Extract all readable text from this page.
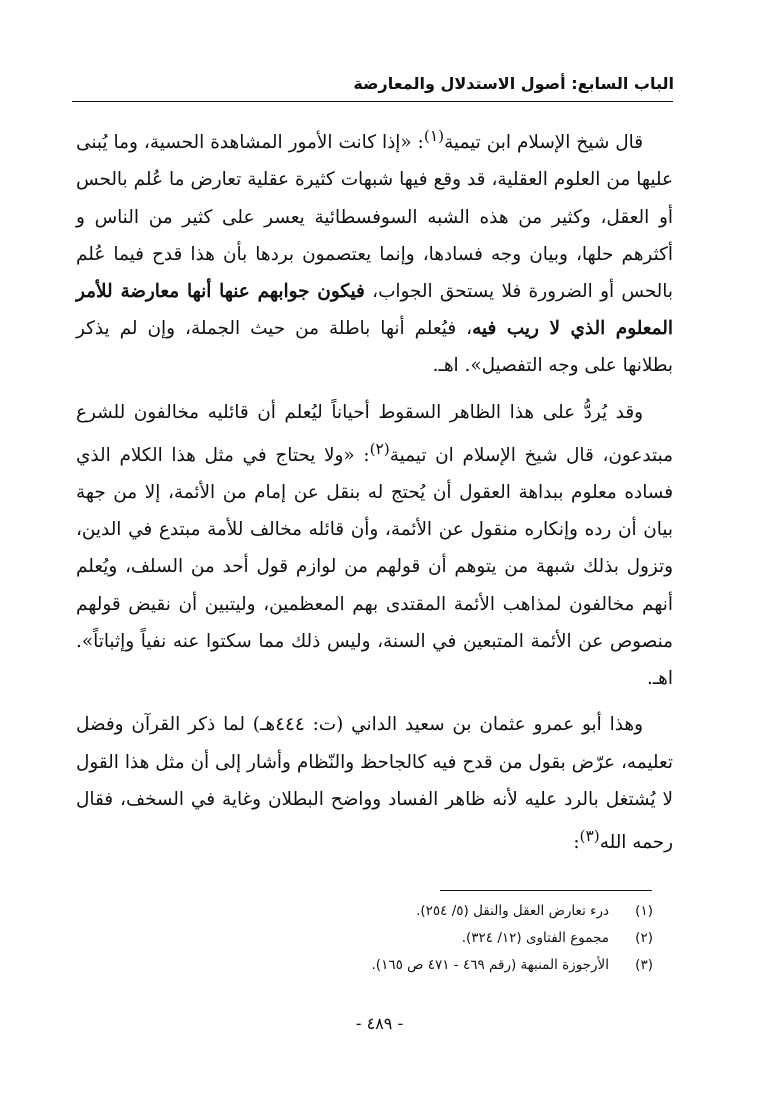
الباب السابع: أصول الاستدلال والمعارضة

قال شيخ الإسلام ابن تيمية$^{(١)}$: «إذا كانت الأمور المشاهدة الحسية، وما يُبنى عليها من العلوم العقلية، قد وقع فيها شبهات كثيرة عقلية تعارض ما عُلم بالحس أو العقل، وكثير من هذه الشبه السوفسطائية يعسر على كثير من الناس و أكثرهم حلها، وبيان وجه فسادها، وإنما يعتصمون بردها بأن هذا قدح فيما عُلم بالحس أو الضرورة فلا يستحق الجواب، فيكون جوابهم عنها أنها معارضة للأمر المعلوم الذي لا ريب فيه، فيُعلم أنها باطلة من حيث الجملة، وإن لم يذكر بطلانها على وجه التفصيل». اهـ.

وقد يُردُّ على هذا الظاهر السقوط أحياناً ليُعلم أن قائليه مخالفون للشرع مبتدعون، قال شيخ الإسلام ان تيمية$^{(٢)}$: «ولا يحتاج في مثل هذا الكلام الذي فساده معلوم ببداهة العقول أن يُحتج له بنقل عن إمام من الأئمة، إلا من جهة بيان أن رده وإنكاره منقول عن الأئمة، وأن قائله مخالف للأمة مبتدع في الدين، وتزول بذلك شبهة من يتوهم أن قولهم من لوازم قول أحد من السلف، ويُعلم أنهم مخالفون لمذاهب الأئمة المقتدى بهم المعظمين، وليتبين أن نقيض قولهم منصوص عن الأئمة المتبعين في السنة، وليس ذلك مما سكتوا عنه نفياً وإثباتاً». اهـ.

وهذا أبو عمرو عثمان بن سعيد الداني (ت: ٤٤٤هـ) لما ذكر القرآن وفضل تعليمه، عرّض بقول من قدح فيه كالجاحظ والنّظام وأشار إلى أن مثل هذا القول لا يُشتغل بالرد عليه لأنه ظاهر الفساد وواضح البطلان وغاية في السخف، فقال رحمه الله$^{(٣)}$:

(١)
درء تعارض العقل والنقل (٥/ ٢٥٤).
(٢)
مجموع الفتاوى (١٢/ ٣٢٤).
(٣)
الأرجوزة المنبهة (رقم ٤٦٩ - ٤٧١ ص ١٦٥).
- ٤٨٩ -
